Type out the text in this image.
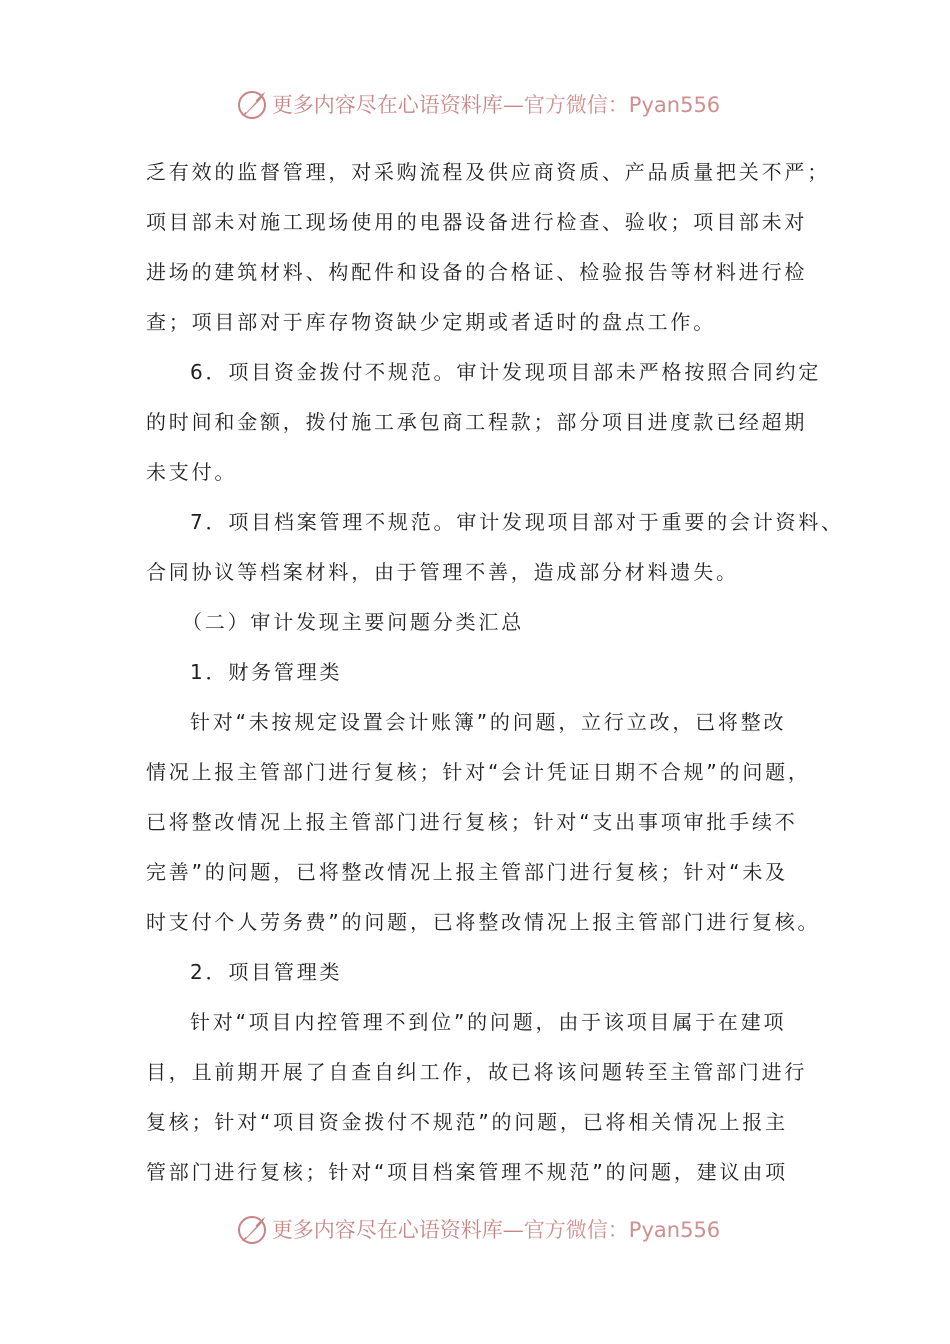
更多内容尽在心语资料库—官方微信：Pyan556
乏有效的监督管理，对采购流程及供应商资质、产品质量把关不严；
项目部未对施工现场使用的电器设备进行检查、验收；项目部未对
进场的建筑材料、构配件和设备的合格证、检验报告等材料进行检
查；项目部对于库存物资缺少定期或者适时的盘点工作。
6．项目资金拨付不规范。审计发现项目部未严格按照合同约定
的时间和金额，拨付施工承包商工程款；部分项目进度款已经超期
未支付。
7．项目档案管理不规范。审计发现项目部对于重要的会计资料、
合同协议等档案材料，由于管理不善，造成部分材料遗失。
（二）审计发现主要问题分类汇总
1．财务管理类
针对“未按规定设置会计账簿”的问题，立行立改，已将整改
情况上报主管部门进行复核；针对“会计凭证日期不合规”的问题，
已将整改情况上报主管部门进行复核；针对“支出事项审批手续不
完善”的问题，已将整改情况上报主管部门进行复核；针对“未及
时支付个人劳务费”的问题，已将整改情况上报主管部门进行复核。
2．项目管理类
针对“项目内控管理不到位”的问题，由于该项目属于在建项
目，且前期开展了自查自纠工作，故已将该问题转至主管部门进行
复核；针对“项目资金拨付不规范”的问题，已将相关情况上报主
管部门进行复核；针对“项目档案管理不规范”的问题，建议由项
更多内容尽在心语资料库—官方微信：Pyan556
